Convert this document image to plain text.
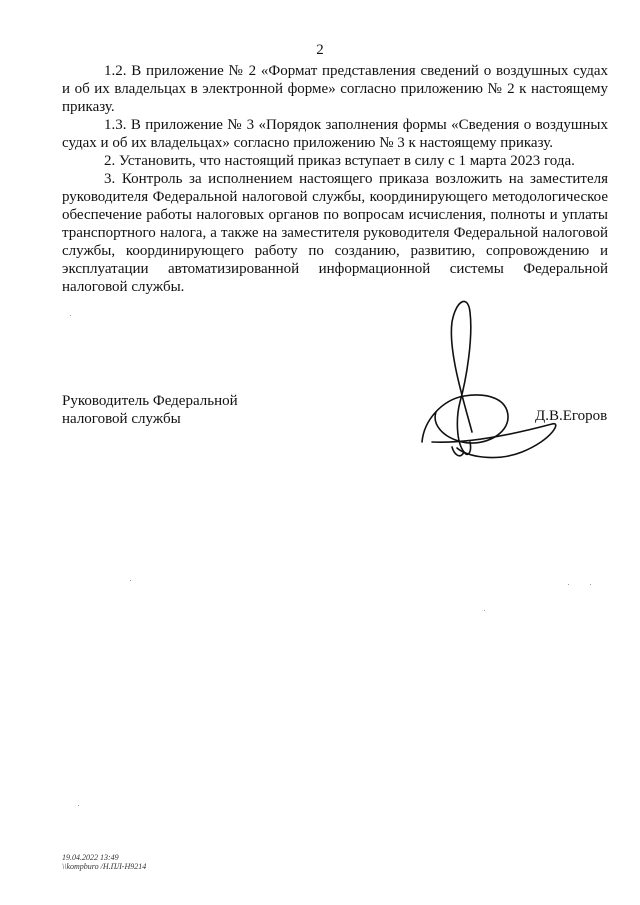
2

1.2. В приложение № 2 «Формат представления сведений о воздушных судах и об их владельцах в электронной форме» согласно приложению № 2 к настоящему приказу.

1.3. В приложение № 3 «Порядок заполнения формы «Сведения о воздушных судах и об их владельцах» согласно приложению № 3 к настоящему приказу.

2. Установить, что настоящий приказ вступает в силу с 1 марта 2023 года.

3. Контроль за исполнением настоящего приказа возложить на заместителя руководителя Федеральной налоговой службы, координирующего методологическое обеспечение работы налоговых органов по вопросам исчисления, полноты и уплаты транспортного налога, а также на заместителя руководителя Федеральной налоговой службы, координирующего работу по созданию, развитию, сопровождению и эксплуатации автоматизированной информационной системы Федеральной налоговой службы.

Руководитель Федеральной
налоговой службы	Д.В.Егоров
19.04.2022 13:49
\\kompburo /Н.ПЛ-Н9214
